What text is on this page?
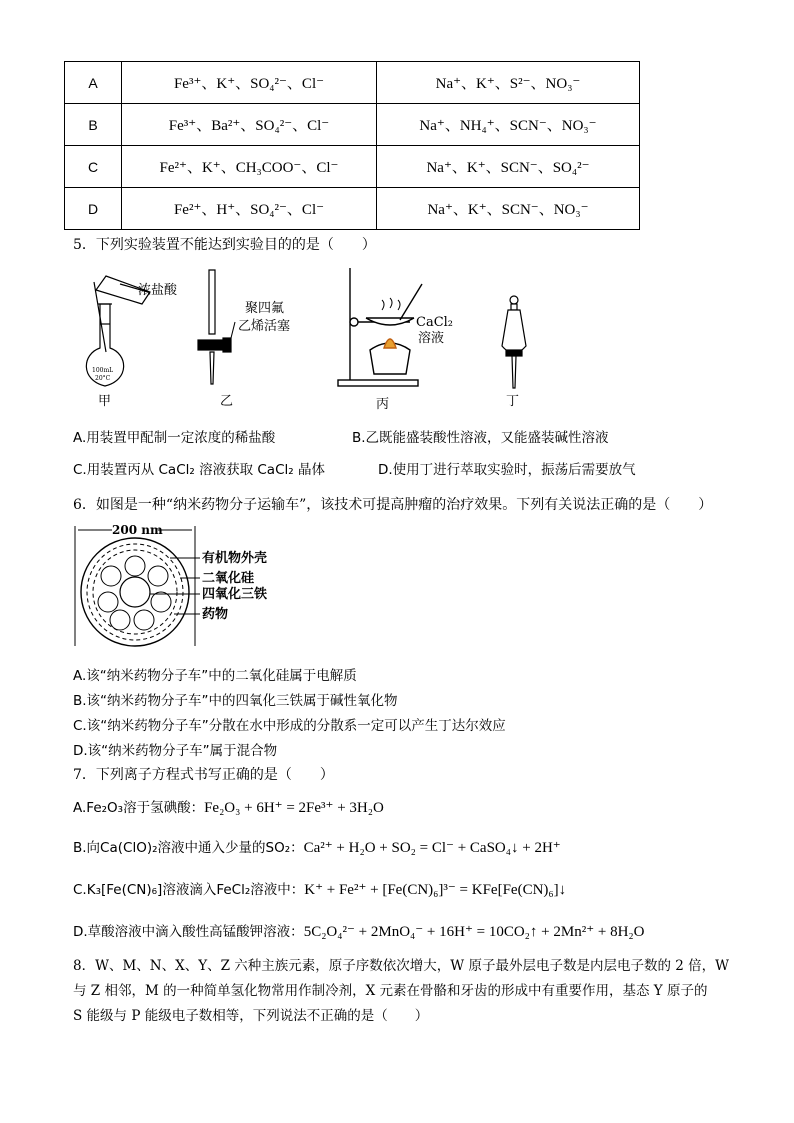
A	Fe³⁺、K⁺、SO₄²⁻、Cl⁻	Na⁺、K⁺、S²⁻、NO₃⁻
B	Fe³⁺、Ba²⁺、SO₄²⁻、Cl⁻	Na⁺、NH₄⁺、SCN⁻、NO₃⁻
C	Fe²⁺、K⁺、CH₃COO⁻、Cl⁻	Na⁺、K⁺、SCN⁻、SO₄²⁻
D	Fe²⁺、H⁺、SO₄²⁻、Cl⁻	Na⁺、K⁺、SCN⁻、NO₃⁻
5．下列实验装置不能达到实验目的的是（　　）
浓盐酸
100mL
20°C
甲
聚四氟
乙烯活塞
乙
CaCl₂
溶液
丙	丁
A.用装置甲配制一定浓度的稀盐酸	B.乙既能盛装酸性溶液，又能盛装碱性溶液
C.用装置丙从 CaCl₂ 溶液获取 CaCl₂ 晶体	D.使用丁进行萃取实验时，振荡后需要放气
6．如图是一种“纳米药物分子运输车”，该技术可提高肿瘤的治疗效果。下列有关说法正确的是（　　）
200 nm
有机物外壳
二氧化硅
四氧化三铁
药物
A.该“纳米药物分子车”中的二氧化硅属于电解质
B.该“纳米药物分子车”中的四氧化三铁属于碱性氧化物
C.该“纳米药物分子车”分散在水中形成的分散系一定可以产生丁达尔效应
D.该“纳米药物分子车”属于混合物
7．下列离子方程式书写正确的是（　　）
A.Fe₂O₃溶于氢碘酸：Fe₂O₃ + 6H⁺ = 2Fe³⁺ + 3H₂O
B.向Ca(ClO)₂溶液中通入少量的SO₂：Ca²⁺ + H₂O + SO₂ = Cl⁻ + CaSO₄↓ + 2H⁺
C.K₃[Fe(CN)₆]溶液滴入FeCl₂溶液中：K⁺ + Fe²⁺ + [Fe(CN)₆]³⁻ = KFe[Fe(CN)₆]↓
D.草酸溶液中滴入酸性高锰酸钾溶液：5C₂O₄²⁻ + 2MnO₄⁻ + 16H⁺ = 10CO₂↑ + 2Mn²⁺ + 8H₂O
8．W、M、N、X、Y、Z 六种主族元素，原子序数依次增大，W 原子最外层电子数是内层电子数的 2 倍，W
与 Z 相邻，M 的一种简单氢化物常用作制冷剂，X 元素在骨骼和牙齿的形成中有重要作用，基态 Y 原子的
S 能级与 P 能级电子数相等，下列说法不正确的是（　　）
